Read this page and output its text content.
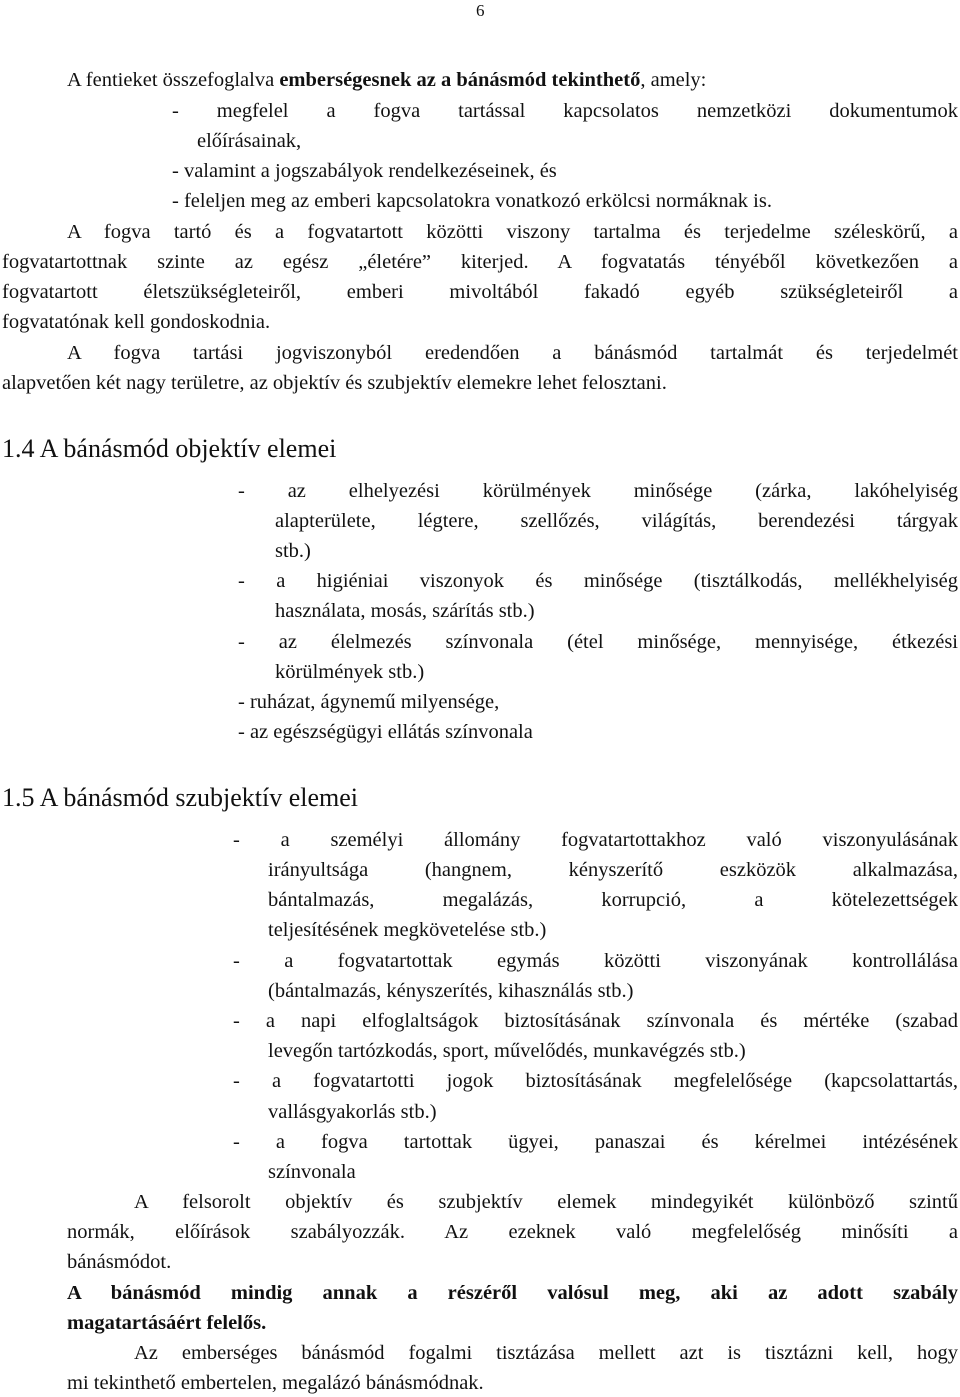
6
A fentieket összefoglalva emberségesnek az a bánásmód tekinthető, amely:
- megfelel a fogva tartással kapcsolatos nemzetközi dokumentumok
előírásainak,
- valamint a jogszabályok rendelkezéseinek, és
- feleljen meg az emberi kapcsolatokra vonatkozó erkölcsi normáknak is.
A fogva tartó és a fogvatartott közötti viszony tartalma és terjedelme széleskörű, a
fogvatartottnak szinte az egész „életére” kiterjed. A fogvatatás tényéből következően a
fogvatartott életszükségleteiről, emberi mivoltából fakadó egyéb szükségleteiről a
fogvatatónak kell gondoskodnia.
A fogva tartási jogviszonyból eredendően a bánásmód tartalmát és terjedelmét
alapvetően két nagy területre, az objektív és szubjektív elemekre lehet felosztani.
1.4 A bánásmód objektív elemei
- az elhelyezési körülmények minősége (zárka, lakóhelyiség
alapterülete, légtere, szellőzés, világítás, berendezési tárgyak
stb.)
- a higiéniai viszonyok és minősége (tisztálkodás, mellékhelyiség
használata, mosás, szárítás stb.)
- az élelmezés színvonala (étel minősége, mennyisége, étkezési
körülmények stb.)
- ruházat, ágynemű milyensége,
- az egészségügyi ellátás színvonala
1.5 A bánásmód szubjektív elemei
- a személyi állomány fogvatartottakhoz való viszonyulásának
irányultsága (hangnem, kényszerítő eszközök alkalmazása,
bántalmazás, megalázás, korrupció, a kötelezettségek
teljesítésének megkövetelése stb.)
- a fogvatartottak egymás közötti viszonyának kontrollálása
(bántalmazás, kényszerítés, kihasználás stb.)
- a napi elfoglaltságok biztosításának színvonala és mértéke (szabad
levegőn tartózkodás, sport, művelődés, munkavégzés stb.)
- a fogvatartotti jogok biztosításának megfelelősége (kapcsolattartás,
vallásgyakorlás stb.)
- a fogva tartottak ügyei, panaszai és kérelmei intézésének
színvonala
A felsorolt objektív és szubjektív elemek mindegyikét különböző szintű
normák, előírások szabályozzák. Az ezeknek való megfelelőség minősíti a
bánásmódot.
A bánásmód mindig annak a részéről valósul meg, aki az adott szabály
magatartásáért felelős.
Az emberséges bánásmód fogalmi tisztázása mellett azt is tisztázni kell, hogy
mi tekinthető embertelen, megalázó bánásmódnak.
